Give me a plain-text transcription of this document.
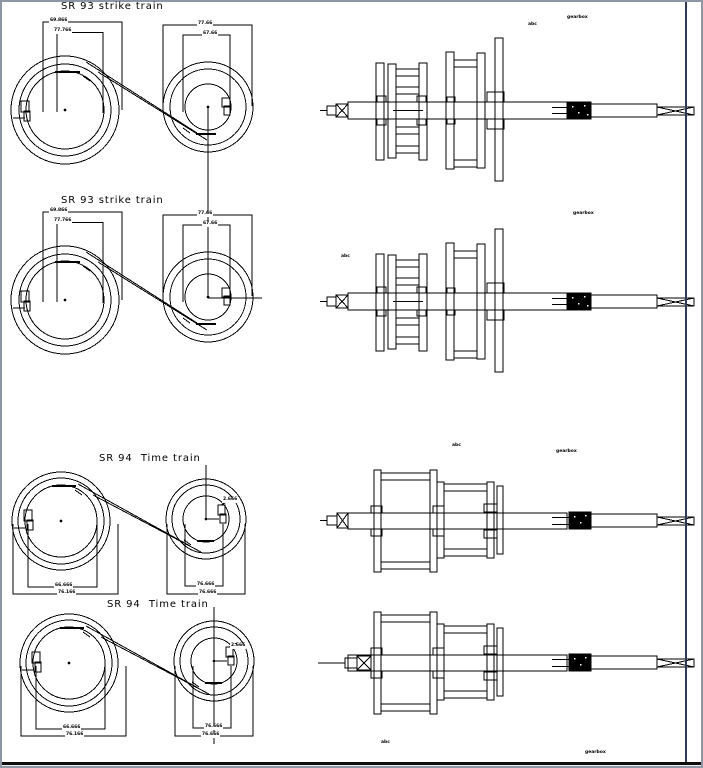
SR 93 strike train
69.866
77.766
77.66
67.66
abc
gearbox
SR 93 strike train
69.866
77.766
77.66
67.66
abc
gearbox
SR 94  Time train
66.666
76.166
76.666
76.666
2.666
abc
gearbox
SR 94  Time train
66.666
76.166
76.666
76.666
2.666
abc
gearbox
